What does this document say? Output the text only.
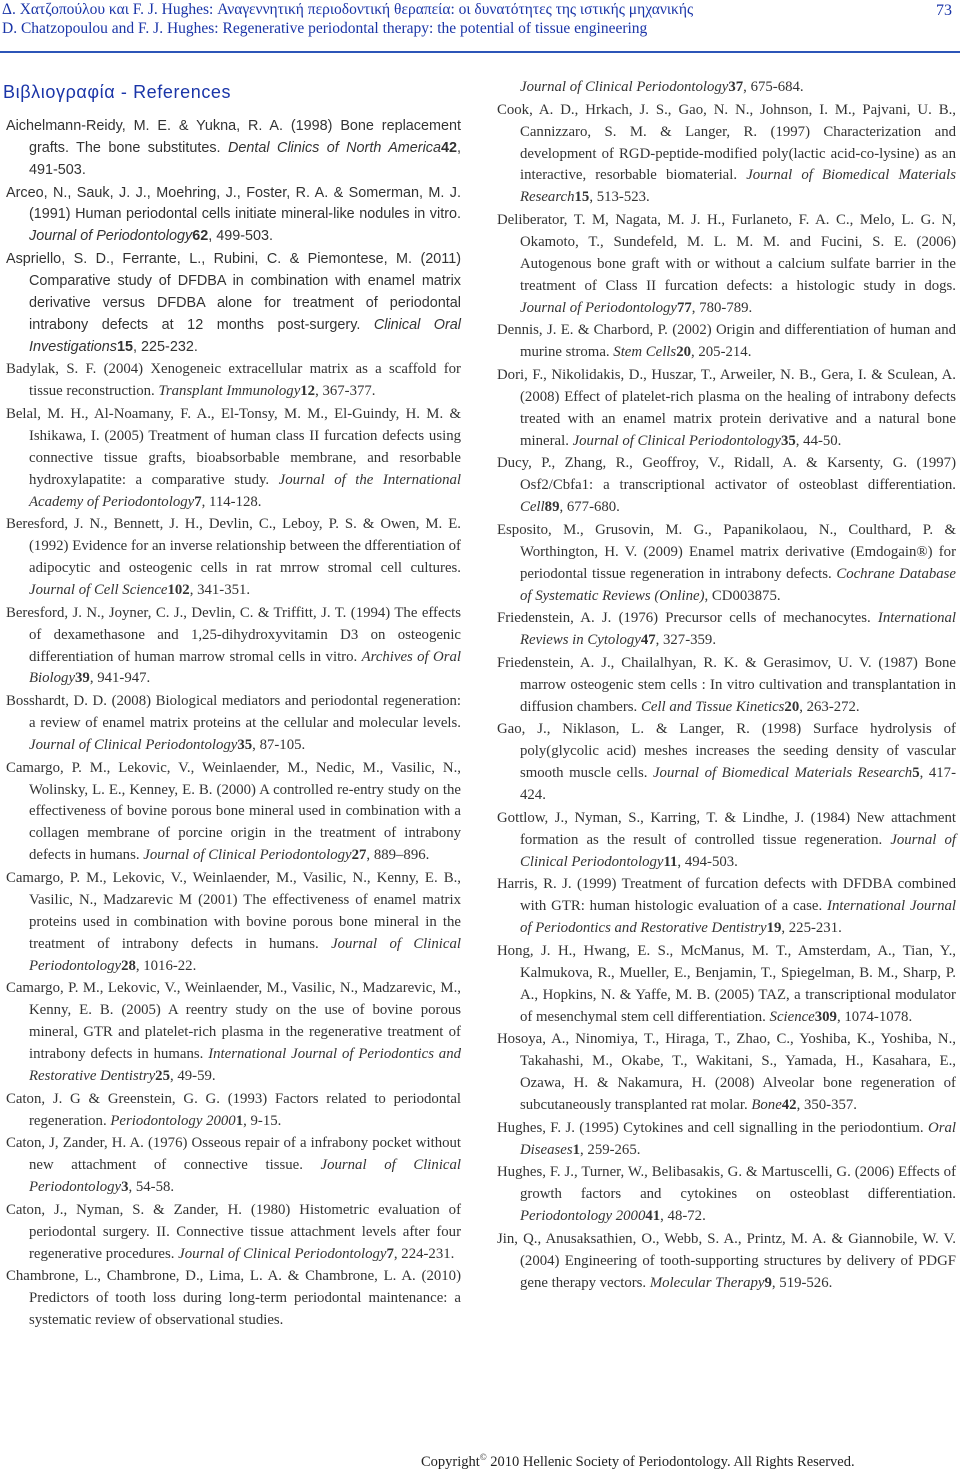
Δ. Χατζοπούλου και F. J. Hughes: Αναγεννητική περιοδοντική θεραπεία: οι δυνατότητες της ιστικής μηχανικής
D. Chatzopoulou and F. J. Hughes: Regenerative periodontal therapy: the potential of tissue engineering
73
Βιβλιογραφία - References

Aichelmann-Reidy, M. E. & Yukna, R. A. (1998) Bone replacement grafts. The bone substitutes. Dental Clinics of North America42, 491-503.

Arceo, N., Sauk, J. J., Moehring, J., Foster, R. A. & Somerman, M. J. (1991) Human periodontal cells initiate mineral-like nodules in vitro. Journal of Periodontology62, 499-503.

Aspriello, S. D., Ferrante, L., Rubini, C. & Piemontese, M. (2011) Comparative study of DFDBA in combination with enamel matrix derivative versus DFDBA alone for treatment of periodontal intrabony defects at 12 months post-surgery. Clinical Oral Investigations15, 225-232.

Badylak, S. F. (2004) Xenogeneic extracellular matrix as a scaffold for tissue reconstruction. Transplant Immunology12, 367-377.

Belal, M. H., Al-Noamany, F. A., El-Tonsy, M. M., El-Guindy, H. M. & Ishikawa, I. (2005) Treatment of human class II furcation defects using connective tissue grafts, bioabsorbable membrane, and resorbable hydroxylapatite: a comparative study. Journal of the International Academy of Periodontology7, 114-128.

Beresford, J. N., Bennett, J. H., Devlin, C., Leboy, P. S. & Owen, M. E. (1992) Evidence for an inverse relationship between the dfferentiation of adipocytic and osteogenic cells in rat mrrow stromal cell cultures. Journal of Cell Science102, 341-351.

Beresford, J. N., Joyner, C. J., Devlin, C. & Triffitt, J. T. (1994) The effects of dexamethasone and 1,25-dihydroxyvitamin D3 on osteogenic differentiation of human marrow stromal cells in vitro. Archives of Oral Biology39, 941-947.

Bosshardt, D. D. (2008) Biological mediators and periodontal regeneration: a review of enamel matrix proteins at the cellular and molecular levels. Journal of Clinical Periodontology35, 87-105.

Camargo, P. M., Lekovic, V., Weinlaender, M., Nedic, M., Vasilic, N., Wolinsky, L. E., Kenney, E. B. (2000) A controlled re-entry study on the effectiveness of bovine porous bone mineral used in combination with a collagen membrane of porcine origin in the treatment of intrabony defects in humans. Journal of Clinical Periodontology27, 889–896.

Camargo, P. M., Lekovic, V., Weinlaender, M., Vasilic, N., Kenny, E. B., Vasilic, N., Madzarevic M (2001) The effectiveness of enamel matrix proteins used in combination with bovine porous bone mineral in the treatment of intrabony defects in humans. Journal of Clinical Periodontology28, 1016-22.

Camargo, P. M., Lekovic, V., Weinlaender, M., Vasilic, N., Madzarevic, M., Kenny, E. B. (2005) A reentry study on the use of bovine porous mineral, GTR and platelet-rich plasma in the regenerative treatment of intrabony defects in humans. International Journal of Periodontics and Restorative Dentistry25, 49-59.

Caton, J. G & Greenstein, G. G. (1993) Factors related to periodontal regeneration. Periodontology 20001, 9-15.

Caton, J, Zander, H. A. (1976) Osseous repair of a infrabony pocket without new attachment of connective tissue. Journal of Clinical Periodontology3, 54-58.

Caton, J., Nyman, S. & Zander, H. (1980) Histometric evaluation of periodontal surgery. II. Connective tissue attachment levels after four regenerative procedures. Journal of Clinical Periodontology7, 224-231.

Chambrone, L., Chambrone, D., Lima, L. A. & Chambrone, L. A. (2010) Predictors of tooth loss during long-term periodontal maintenance: a systematic review of observational studies.

Journal of Clinical Periodontology37, 675-684.

Cook, A. D., Hrkach, J. S., Gao, N. N., Johnson, I. M., Pajvani, U. B., Cannizzaro, S. M. & Langer, R. (1997) Characterization and development of RGD-peptide-modified poly(lactic acid-co-lysine) as an interactive, resorbable biomaterial. Journal of Biomedical Materials Research15, 513-523.

Deliberator, T. M, Nagata, M. J. H., Furlaneto, F. A. C., Melo, L. G. N, Okamoto, T., Sundefeld, M. L. M. M. and Fucini, S. E. (2006) Autogenous bone graft with or without a calcium sulfate barrier in the treatment of Class II furcation defects: a histologic study in dogs. Journal of Periodontology77, 780-789.

Dennis, J. E. & Charbord, P. (2002) Origin and differentiation of human and murine stroma. Stem Cells20, 205-214.

Dori, F., Nikolidakis, D., Huszar, T., Arweiler, N. B., Gera, I. & Sculean, A. (2008) Effect of platelet-rich plasma on the healing of intrabony defects treated with an enamel matrix protein derivative and a natural bone mineral. Journal of Clinical Periodontology35, 44-50.

Ducy, P., Zhang, R., Geoffroy, V., Ridall, A. & Karsenty, G. (1997) Osf2/Cbfa1: a transcriptional activator of osteoblast differentiation. Cell89, 677-680.

Esposito, M., Grusovin, M. G., Papanikolaou, N., Coulthard, P. & Worthington, H. V. (2009) Enamel matrix derivative (Emdogain®) for periodontal tissue regeneration in intrabony defects. Cochrane Database of Systematic Reviews (Online), CD003875.

Friedenstein, A. J. (1976) Precursor cells of mechanocytes. International Reviews in Cytology47, 327-359.

Friedenstein, A. J., Chailalhyan, R. K. & Gerasimov, U. V. (1987) Bone marrow osteogenic stem cells : In vitro cultivation and transplantation in diffusion chambers. Cell and Tissue Kinetics20, 263-272.

Gao, J., Niklason, L. & Langer, R. (1998) Surface hydrolysis of poly(glycolic acid) meshes increases the seeding density of vascular smooth muscle cells. Journal of Biomedical Materials Research5, 417-424.

Gottlow, J., Nyman, S., Karring, T. & Lindhe, J. (1984) New attachment formation as the result of controlled tissue regeneration. Journal of Clinical Periodontology11, 494-503.

Harris, R. J. (1999) Treatment of furcation defects with DFDBA combined with GTR: human histologic evaluation of a case. International Journal of Periodontics and Restorative Dentistry19, 225-231.

Hong, J. H., Hwang, E. S., McManus, M. T., Amsterdam, A., Tian, Y., Kalmukova, R., Mueller, E., Benjamin, T., Spiegelman, B. M., Sharp, P. A., Hopkins, N. & Yaffe, M. B. (2005) TAZ, a transcriptional modulator of mesenchymal stem cell differentiation. Science309, 1074-1078.

Hosoya, A., Ninomiya, T., Hiraga, T., Zhao, C., Yoshiba, K., Yoshiba, N., Takahashi, M., Okabe, T., Wakitani, S., Yamada, H., Kasahara, E., Ozawa, H. & Nakamura, H. (2008) Alveolar bone regeneration of subcutaneously transplanted rat molar. Bone42, 350-357.

Hughes, F. J. (1995) Cytokines and cell signalling in the periodontium. Oral Diseases1, 259-265.

Hughes, F. J., Turner, W., Belibasakis, G. & Martuscelli, G. (2006) Effects of growth factors and cytokines on osteoblast differentiation. Periodontology 200041, 48-72.

Jin, Q., Anusaksathien, O., Webb, S. A., Printz, M. A. & Giannobile, W. V. (2004) Engineering of tooth-supporting structures by delivery of PDGF gene therapy vectors. Molecular Therapy9, 519-526.

Copyright© 2010 Hellenic Society of Periodontology. All Rights Reserved.
